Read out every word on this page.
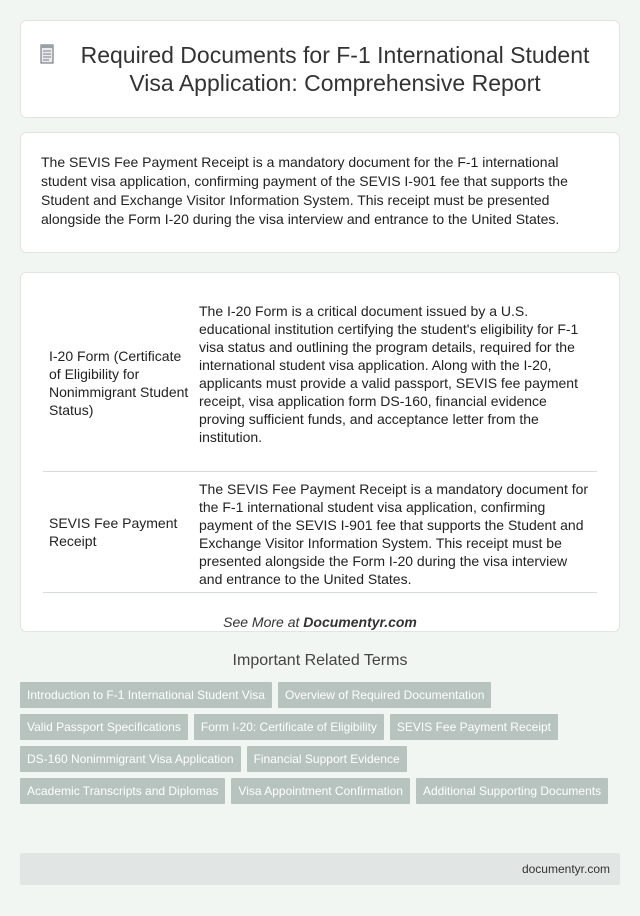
Required Documents for F-1 International Student Visa Application: Comprehensive Report

The SEVIS Fee Payment Receipt is a mandatory document for the F-1 international student visa application, confirming payment of the SEVIS I-901 fee that supports the Student and Exchange Visitor Information System. This receipt must be presented alongside the Form I-20 during the visa interview and entrance to the United States.

I-20 Form (Certificate of Eligibility for Nonimmigrant Student Status)
The I-20 Form is a critical document issued by a U.S. educational institution certifying the student's eligibility for F-1 visa status and outlining the program details, required for the international student visa application. Along with the I-20, applicants must provide a valid passport, SEVIS fee payment receipt, visa application form DS-160, financial evidence proving sufficient funds, and acceptance letter from the institution.
SEVIS Fee Payment Receipt
The SEVIS Fee Payment Receipt is a mandatory document for the F-1 international student visa application, confirming payment of the SEVIS I-901 fee that supports the Student and Exchange Visitor Information System. This receipt must be presented alongside the Form I-20 during the visa interview and entrance to the United States.
See More at Documentyr.com
Important Related Terms
Introduction to F-1 International Student Visa	Overview of Required Documentation
Valid Passport Specifications	Form I-20: Certificate of Eligibility	SEVIS Fee Payment Receipt
DS-160 Nonimmigrant Visa Application	Financial Support Evidence
Academic Transcripts and Diplomas	Visa Appointment Confirmation	Additional Supporting Documents
documentyr.com
